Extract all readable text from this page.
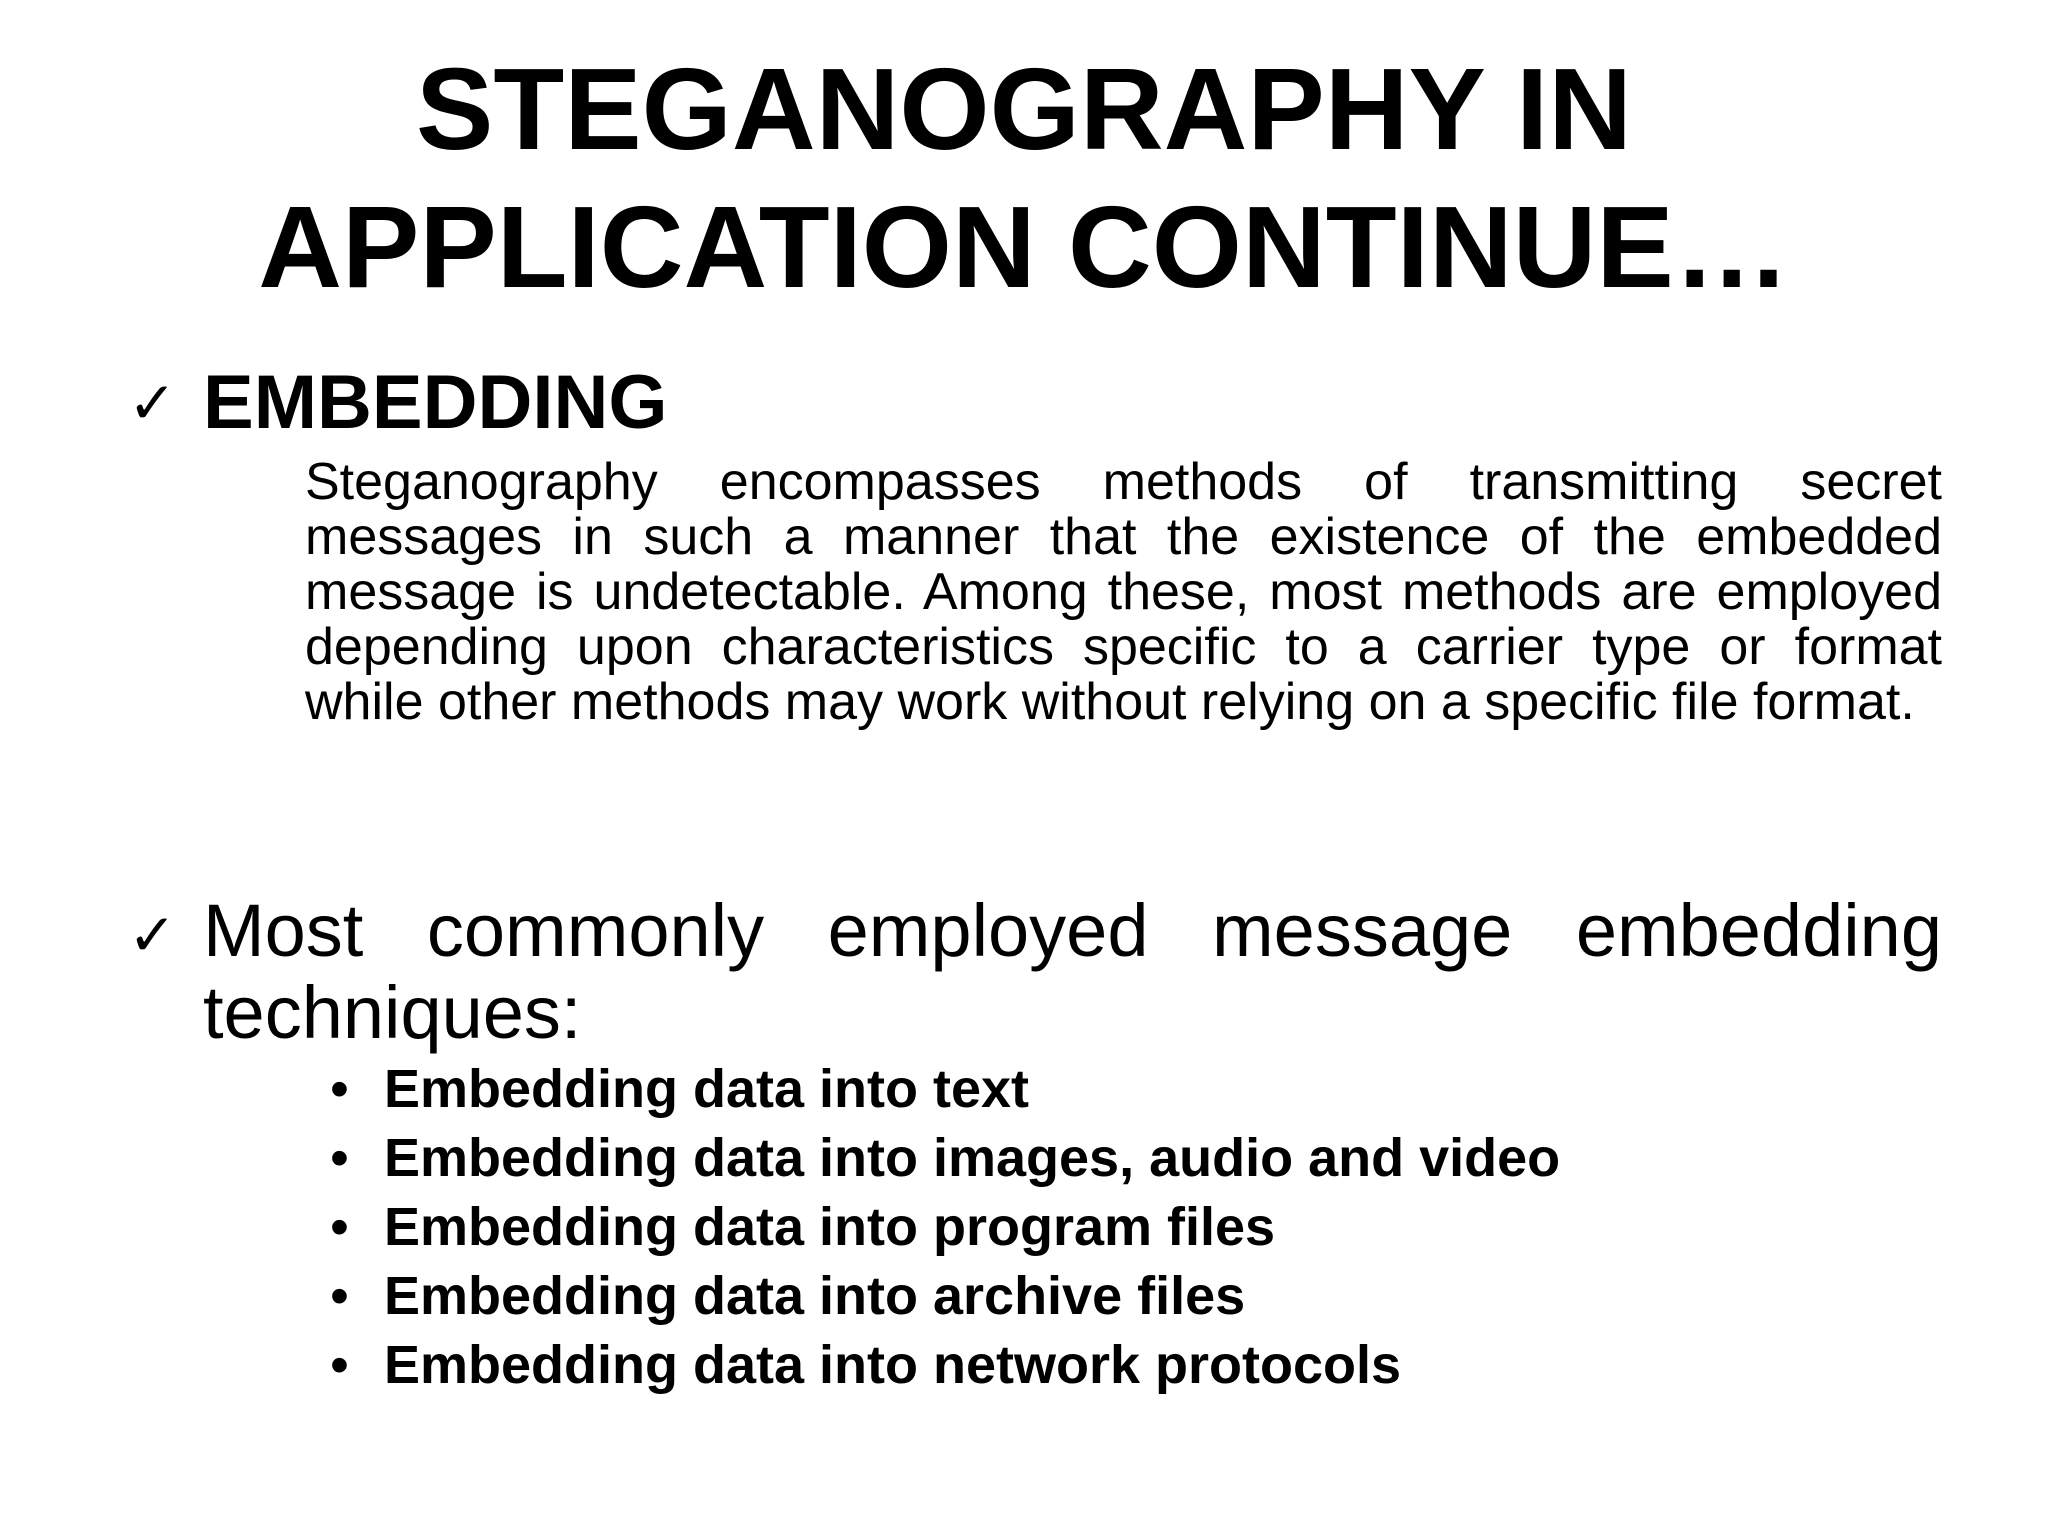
STEGANOGRAPHY IN
APPLICATION CONTINUE…
✓ EMBEDDING

Steganography encompasses methods of transmitting secret messages in such a manner that the existence of the embedded message is undetectable. Among these, most methods are employed depending upon characteristics specific to a carrier type or format while other methods may work without relying on a specific file format.

✓ Most commonly employed message embedding techniques:

• Embedding data into text
• Embedding data into images, audio and video
• Embedding data into program files
• Embedding data into archive files
• Embedding data into network protocols
